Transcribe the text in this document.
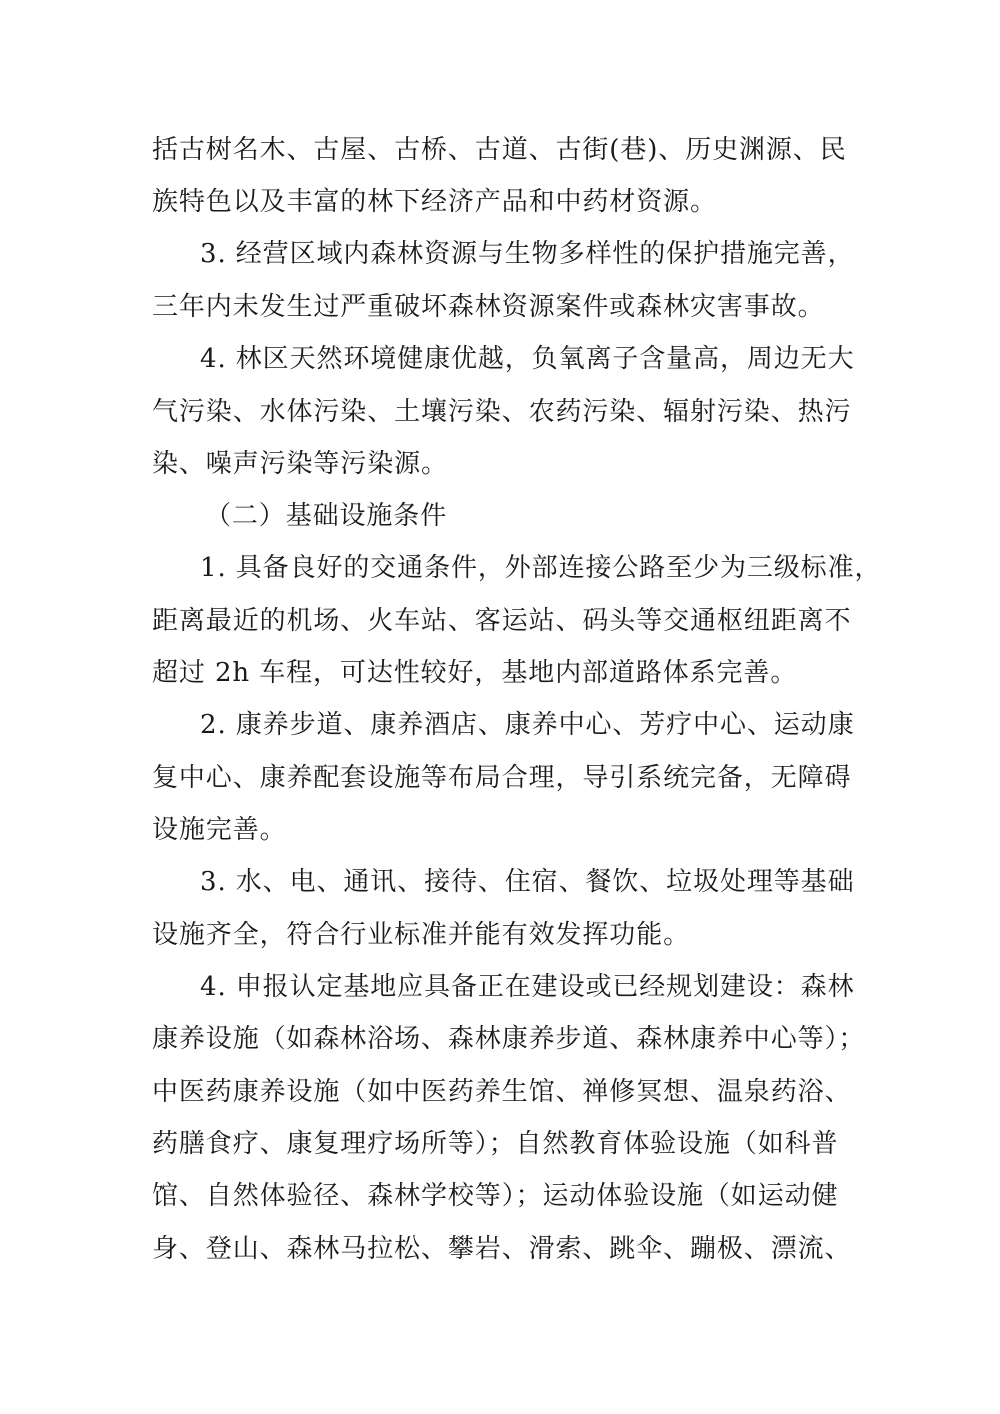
括古树名木、古屋、古桥、古道、古街(巷)、历史渊源、民
族特色以及丰富的林下经济产品和中药材资源。
3. 经营区域内森林资源与生物多样性的保护措施完善，
三年内未发生过严重破坏森林资源案件或森林灾害事故。
4. 林区天然环境健康优越，负氧离子含量高，周边无大
气污染、水体污染、土壤污染、农药污染、辐射污染、热污
染、噪声污染等污染源。
（二）基础设施条件
1. 具备良好的交通条件，外部连接公路至少为三级标准，
距离最近的机场、火车站、客运站、码头等交通枢纽距离不
超过 2h 车程，可达性较好，基地内部道路体系完善。
2. 康养步道、康养酒店、康养中心、芳疗中心、运动康
复中心、康养配套设施等布局合理，导引系统完备，无障碍
设施完善。
3. 水、电、通讯、接待、住宿、餐饮、垃圾处理等基础
设施齐全，符合行业标准并能有效发挥功能。
4. 申报认定基地应具备正在建设或已经规划建设：森林
康养设施（如森林浴场、森林康养步道、森林康养中心等）；
中医药康养设施（如中医药养生馆、禅修冥想、温泉药浴、
药膳食疗、康复理疗场所等）；自然教育体验设施（如科普
馆、自然体验径、森林学校等）；运动体验设施（如运动健
身、登山、森林马拉松、攀岩、滑索、跳伞、蹦极、漂流、
